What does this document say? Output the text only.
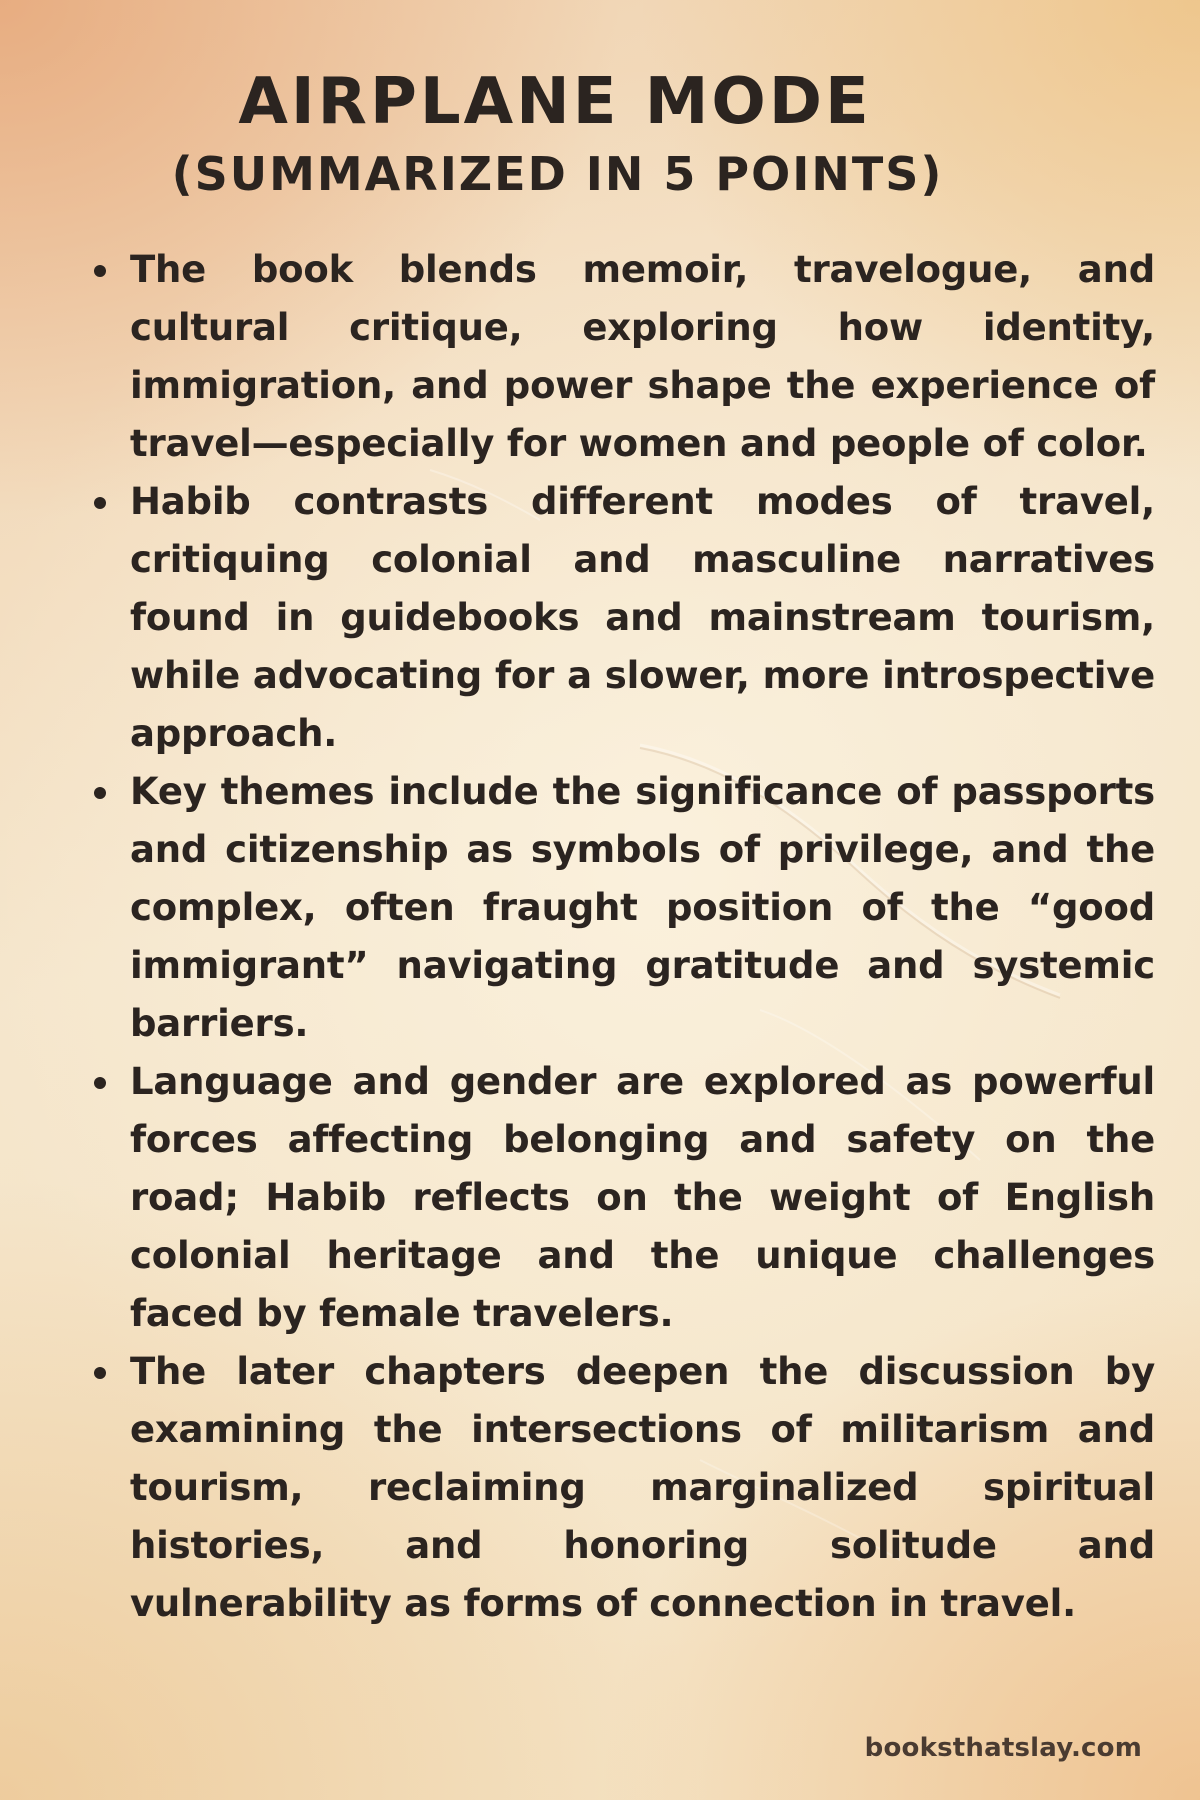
AIRPLANE MODE
(SUMMARIZED IN 5 POINTS)
The book blends memoir, travelogue, and cultural critique, exploring how identity, immigration, and power shape the experience of travel—especially for women and people of color.
Habib contrasts different modes of travel, critiquing colonial and masculine narratives found in guidebooks and mainstream tourism, while advocating for a slower, more introspective approach.
Key themes include the significance of passports and citizenship as symbols of privilege, and the complex, often fraught position of the “good immigrant” navigating gratitude and systemic barriers.
Language and gender are explored as powerful forces affecting belonging and safety on the road; Habib reflects on the weight of English colonial heritage and the unique challenges faced by female travelers.
The later chapters deepen the discussion by examining the intersections of militarism and tourism, reclaiming marginalized spiritual histories, and honoring solitude and vulnerability as forms of connection in travel.
booksthatslay.com
